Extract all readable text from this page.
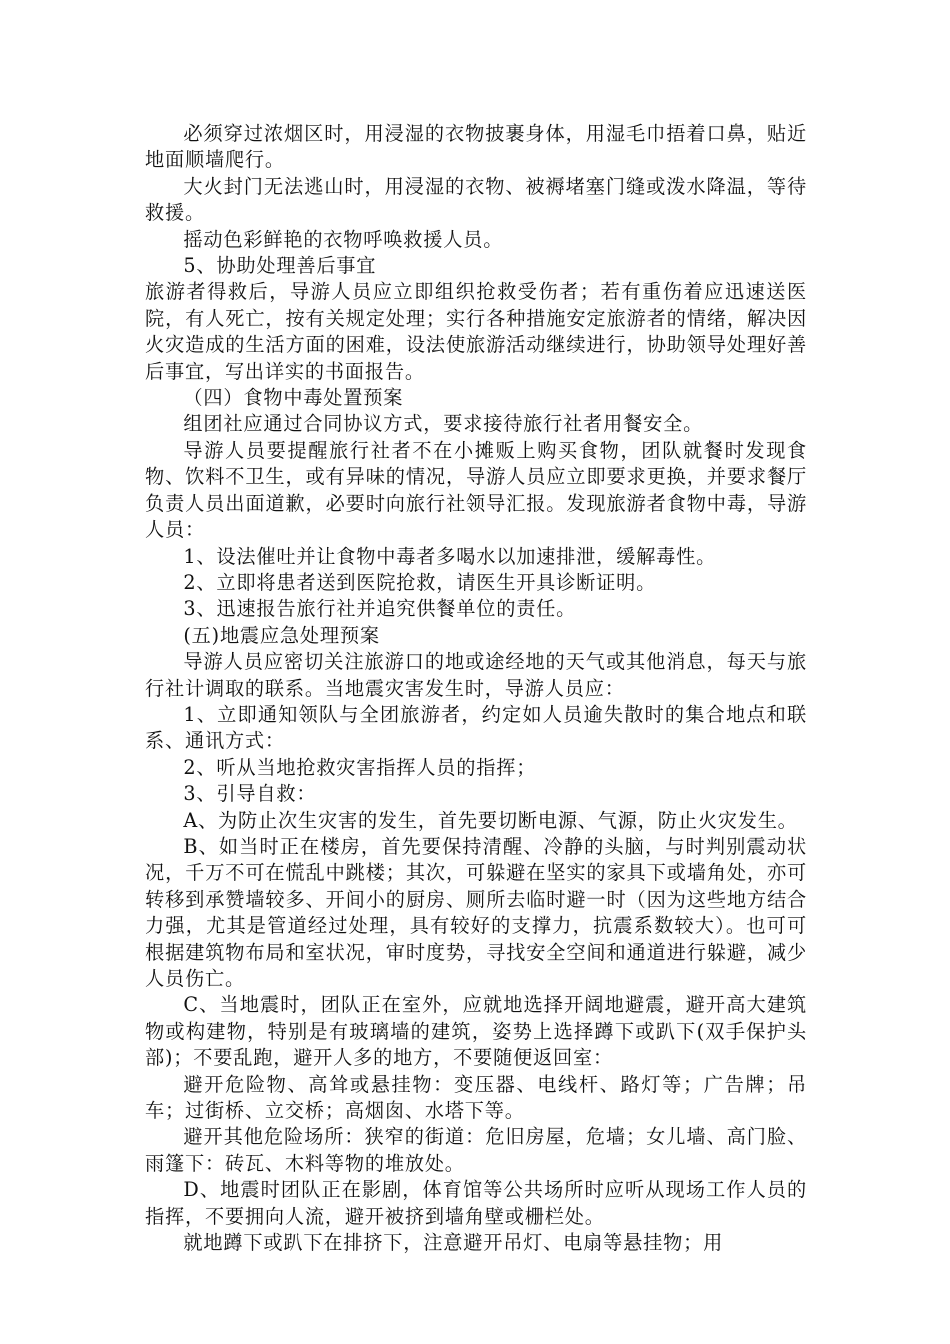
必须穿过浓烟区时，用浸湿的衣物披裹身体，用湿毛巾捂着口鼻，贴近地面顺墙爬行。

大火封门无法逃山时，用浸湿的衣物、被褥堵塞门缝或泼水降温，等待救援。

摇动色彩鲜艳的衣物呼唤救援人员。

5、协助处理善后事宜

旅游者得救后，导游人员应立即组织抢救受伤者；若有重伤着应迅速送医院，有人死亡，按有关规定处理；实行各种措施安定旅游者的情绪，解决因火灾造成的生活方面的困难，设法使旅游活动继续进行，协助领导处理好善后事宜，写出详实的书面报告。

（四）食物中毒处置预案

组团社应通过合同协议方式，要求接待旅行社者用餐安全。

导游人员要提醒旅行社者不在小摊贩上购买食物，团队就餐时发现食物、饮料不卫生，或有异味的情况，导游人员应立即要求更换，并要求餐厅负责人员出面道歉，必要时向旅行社领导汇报。发现旅游者食物中毒，导游人员：

1、设法催吐并让食物中毒者多喝水以加速排泄，缓解毒性。

2、立即将患者送到医院抢救，请医生开具诊断证明。

3、迅速报告旅行社并追究供餐单位的责任。

(五)地震应急处理预案

导游人员应密切关注旅游口的地或途经地的天气或其他消息，每天与旅行社计调取的联系。当地震灾害发生时，导游人员应：

1、立即通知领队与全团旅游者，约定如人员逾失散时的集合地点和联系、通讯方式：

2、听从当地抢救灾害指挥人员的指挥；

3、引导自救：

A、为防止次生灾害的发生，首先要切断电源、气源，防止火灾发生。

B、如当时正在楼房，首先要保持清醒、冷静的头脑，与时判别震动状况，千万不可在慌乱中跳楼；其次，可躲避在坚实的家具下或墙角处，亦可转移到承赞墙较多、开间小的厨房、厕所去临时避一时（因为这些地方结合力强，尤其是管道经过处理，具有较好的支撑力，抗震系数较大）。也可可根据建筑物布局和室状况，审时度势，寻找安全空间和通道进行躲避，减少人员伤亡。

C、当地震时，团队正在室外，应就地选择开阔地避震，避开高大建筑物或构建物，特别是有玻璃墙的建筑，姿势上选择蹲下或趴下(双手保护头部)；不要乱跑，避开人多的地方，不要随便返回室：

避开危险物、高耸或悬挂物：变压器、电线杆、路灯等；广告牌；吊车；过街桥、立交桥；高烟囱、水塔下等。

避开其他危险场所：狭窄的街道：危旧房屋，危墙；女儿墙、高门脸、雨篷下：砖瓦、木料等物的堆放处。

D、地震时团队正在影剧，体育馆等公共场所时应听从现场工作人员的指挥，不要拥向人流，避开被挤到墙角壁或栅栏处。

就地蹲下或趴下在排挤下，注意避开吊灯、电扇等悬挂物；用
